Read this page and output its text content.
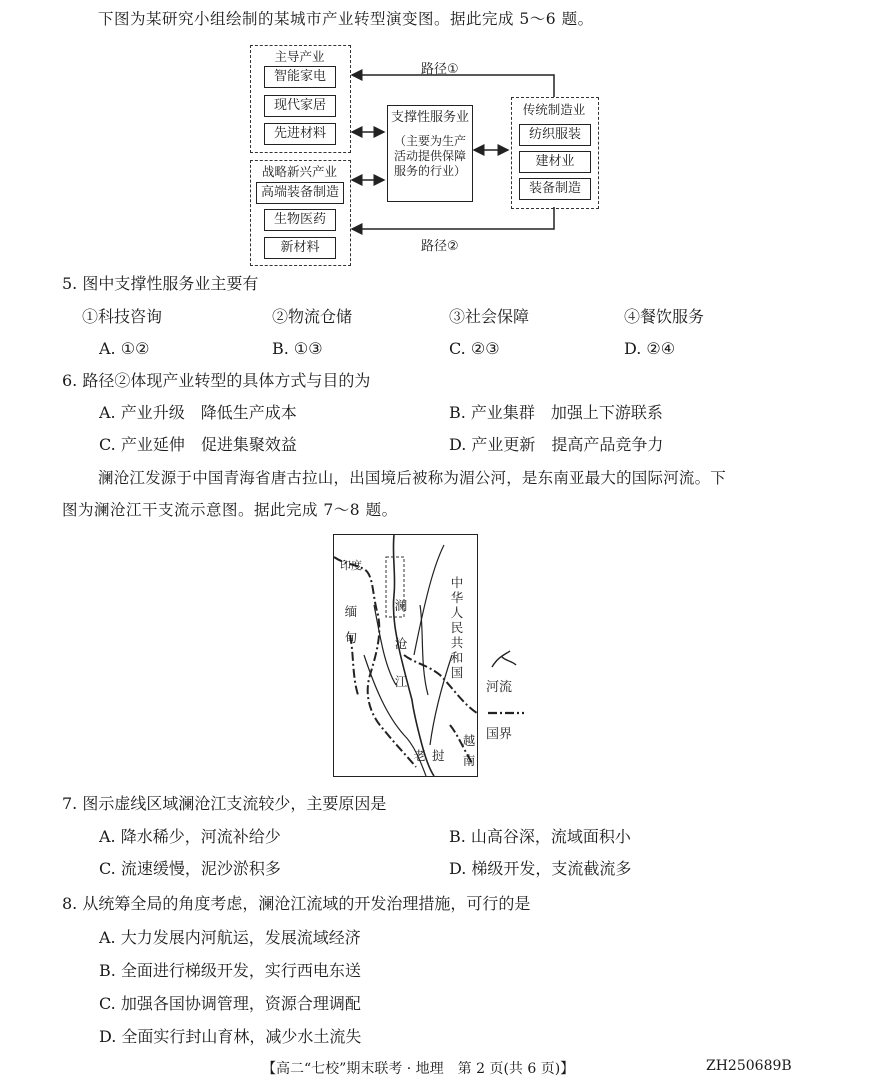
下图为某研究小组绘制的某城市产业转型演变图。据此完成 5～6 题。
主导产业
智能家电
现代家居
先进材料
战略新兴产业
高端装备制造
生物医药
新材料
支撑性服务业
（主要为生产
活动提供保障
服务的行业）
传统制造业
纺织服装
建材业
装备制造
路径①
路径②
5. 图中支撑性服务业主要有
①科技咨询	②物流仓储	③社会保障	④餐饮服务
A. ①②	B. ①③	C. ②③	D. ②④
6. 路径②体现产业转型的具体方式与目的为
A. 产业升级　降低生产成本	B. 产业集群　加强上下游联系
C. 产业延伸　促进集聚效益	D. 产业更新　提高产品竞争力
澜沧江发源于中国青海省唐古拉山，出国境后被称为湄公河，是东南亚最大的国际河流。下
图为澜沧江干支流示意图。据此完成 7～8 题。
印度
缅甸
澜沧江
中华人民共和国
老挝
越南
河流
国界
7. 图示虚线区域澜沧江支流较少，主要原因是
A. 降水稀少，河流补给少	B. 山高谷深，流域面积小
C. 流速缓慢，泥沙淤积多	D. 梯级开发，支流截流多
8. 从统筹全局的角度考虑，澜沧江流域的开发治理措施，可行的是
A. 大力发展内河航运，发展流域经济
B. 全面进行梯级开发，实行西电东送
C. 加强各国协调管理，资源合理调配
D. 全面实行封山育林，减少水土流失
【高二“七校”期末联考 · 地理　第 2 页(共 6 页)】	ZH250689B
